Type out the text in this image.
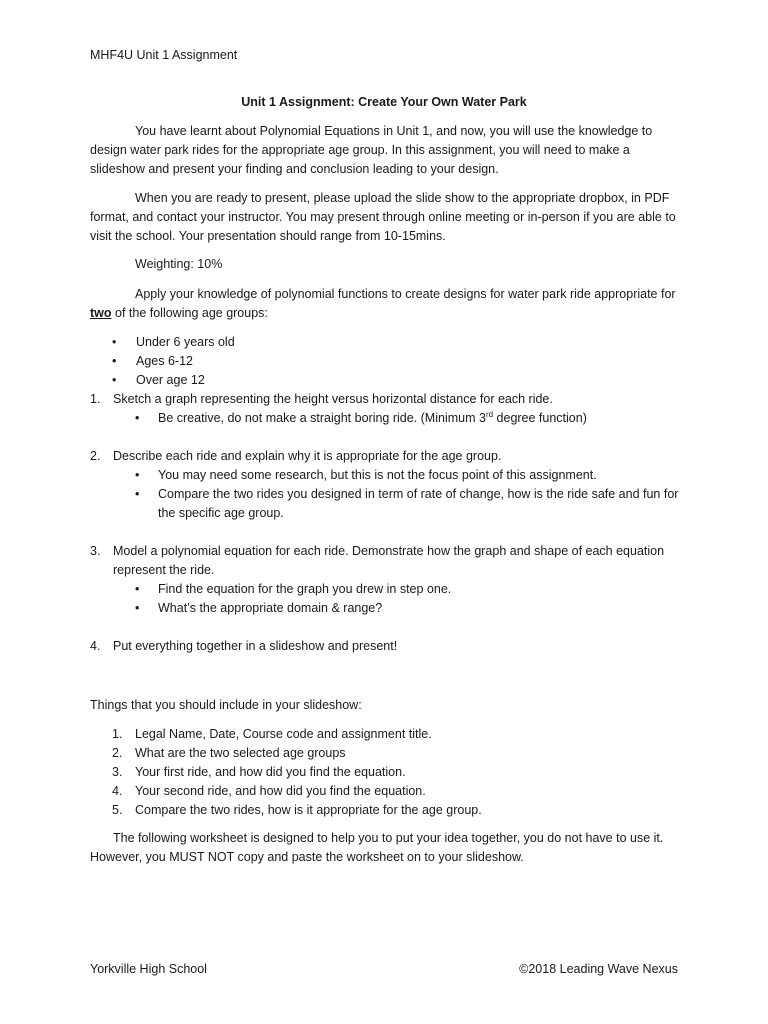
MHF4U Unit 1 Assignment
Unit 1 Assignment: Create Your Own Water Park

You have learnt about Polynomial Equations in Unit 1, and now, you will use the knowledge to design water park rides for the appropriate age group. In this assignment, you will need to make a slideshow and present your finding and conclusion leading to your design.

When you are ready to present, please upload the slide show to the appropriate dropbox, in PDF format, and contact your instructor. You may present through online meeting or in-person if you are able to visit the school. Your presentation should range from 10-15mins.

Weighting: 10%

Apply your knowledge of polynomial functions to create designs for water park ride appropriate for two of the following age groups:

• Under 6 years old
• Ages 6-12
• Over age 12
1. Sketch a graph representing the height versus horizontal distance for each ride.
• Be creative, do not make a straight boring ride. (Minimum 3rd degree function)
2. Describe each ride and explain why it is appropriate for the age group.
• You may need some research, but this is not the focus point of this assignment.
• Compare the two rides you designed in term of rate of change, how is the ride safe and fun for the specific age group.
3. Model a polynomial equation for each ride. Demonstrate how the graph and shape of each equation represent the ride.
• Find the equation for the graph you drew in step one.
• What’s the appropriate domain & range?
4. Put everything together in a slideshow and present!

Things that you should include in your slideshow:

1. Legal Name, Date, Course code and assignment title.
2. What are the two selected age groups
3. Your first ride, and how did you find the equation.
4. Your second ride, and how did you find the equation.
5. Compare the two rides, how is it appropriate for the age group.

The following worksheet is designed to help you to put your idea together, you do not have to use it. However, you MUST NOT copy and paste the worksheet on to your slideshow.

Yorkville High School	©2018 Leading Wave Nexus
